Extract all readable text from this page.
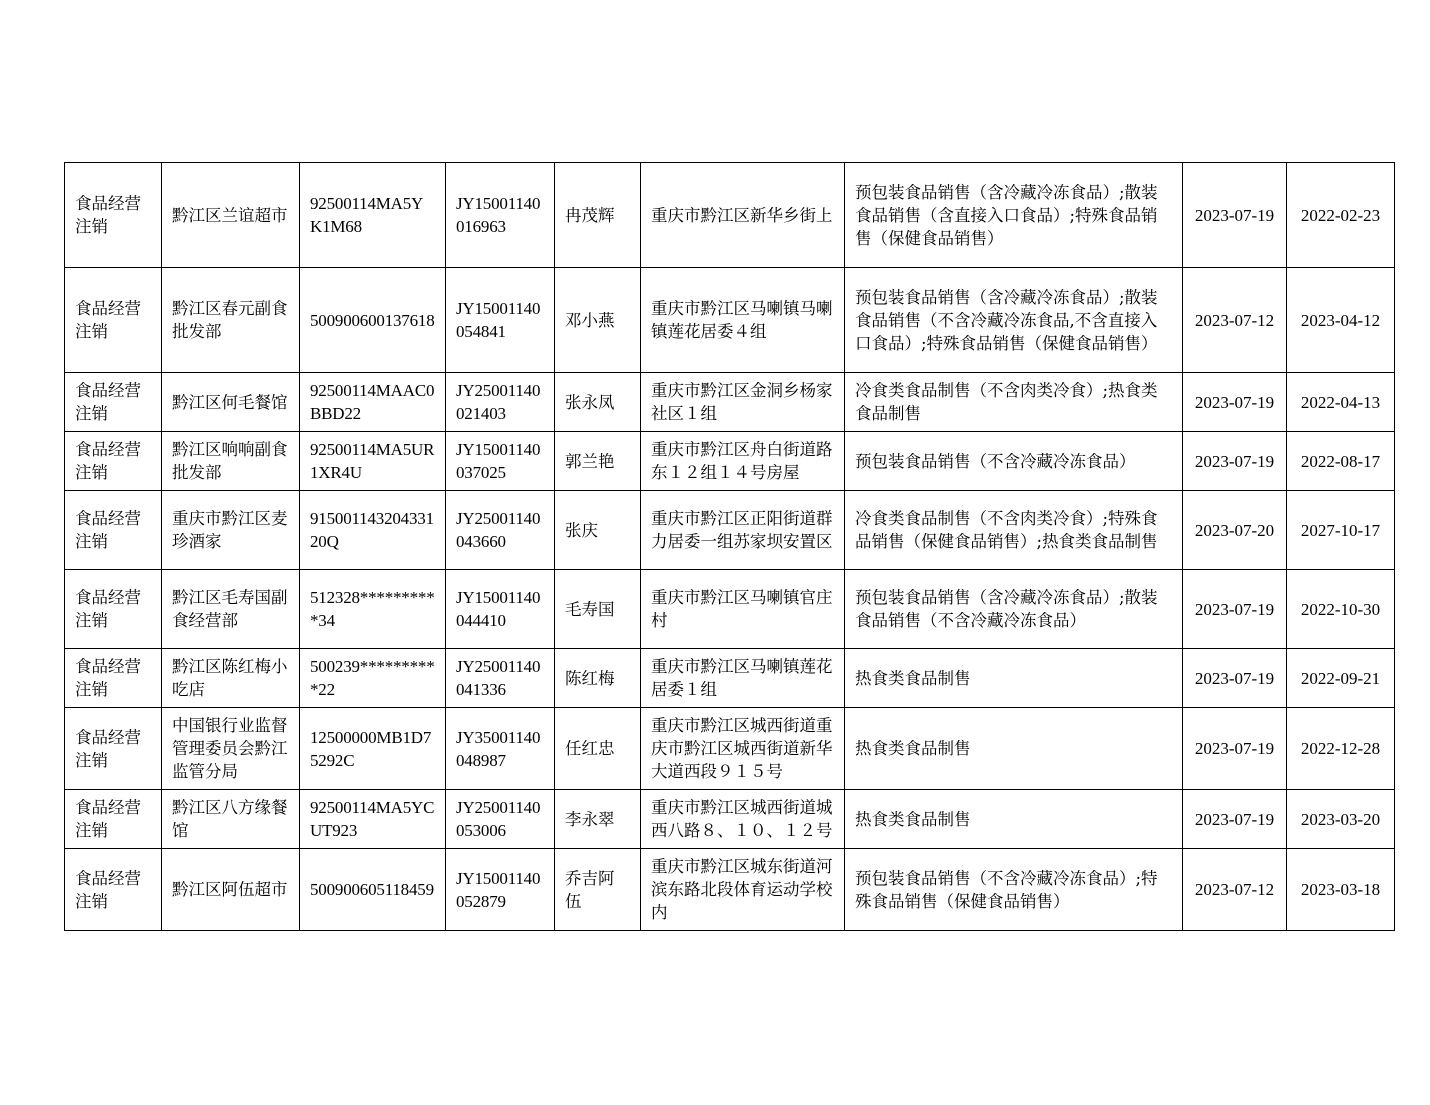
食品经营注销	黔江区兰谊超市	92500114MA5YK1M68	JY15001140016963	冉茂辉	重庆市黔江区新华乡街上	预包装食品销售（含冷藏冷冻食品）;散装食品销售（含直接入口食品）;特殊食品销售（保健食品销售）	2023-07-19	2022-02-23
食品经营注销	黔江区春元副食批发部	500900600137618	JY15001140054841	邓小燕	重庆市黔江区马喇镇马喇镇莲花居委４组	预包装食品销售（含冷藏冷冻食品）;散装食品销售（不含冷藏冷冻食品,不含直接入口食品）;特殊食品销售（保健食品销售）	2023-07-12	2023-04-12
食品经营注销	黔江区何毛餐馆	92500114MAAC0BBD22	JY25001140021403	张永凤	重庆市黔江区金洞乡杨家社区１组	冷食类食品制售（不含肉类冷食）;热食类食品制售	2023-07-19	2022-04-13
食品经营注销	黔江区响响副食批发部	92500114MA5UR1XR4U	JY15001140037025	郭兰艳	重庆市黔江区舟白街道路东１２组１４号房屋	预包装食品销售（不含冷藏冷冻食品）	2023-07-19	2022-08-17
食品经营注销	重庆市黔江区麦珍酒家	915001143204331 20Q	JY25001140043660	张庆	重庆市黔江区正阳街道群力居委一组苏家坝安置区	冷食类食品制售（不含肉类冷食）;特殊食品销售（保健食品销售）;热食类食品制售	2023-07-20	2027-10-17
食品经营注销	黔江区毛寿国副食经营部	512328**********34	JY15001140044410	毛寿国	重庆市黔江区马喇镇官庄村	预包装食品销售（含冷藏冷冻食品）;散装食品销售（不含冷藏冷冻食品）	2023-07-19	2022-10-30
食品经营注销	黔江区陈红梅小吃店	500239**********22	JY25001140041336	陈红梅	重庆市黔江区马喇镇莲花居委１组	热食类食品制售	2023-07-19	2022-09-21
食品经营注销	中国银行业监督管理委员会黔江监管分局	12500000MB1D75292C	JY35001140048987	任红忠	重庆市黔江区城西街道重庆市黔江区城西街道新华大道西段９１５号	热食类食品制售	2023-07-19	2022-12-28
食品经营注销	黔江区八方缘餐馆	92500114MA5YCUT923	JY25001140053006	李永翠	重庆市黔江区城西街道城西八路８、１０、１２号	热食类食品制售	2023-07-19	2023-03-20
食品经营注销	黔江区阿伍超市	500900605118459	JY15001140052879	乔吉阿伍	重庆市黔江区城东街道河滨东路北段体育运动学校内	预包装食品销售（不含冷藏冷冻食品）;特殊食品销售（保健食品销售）	2023-07-12	2023-03-18
